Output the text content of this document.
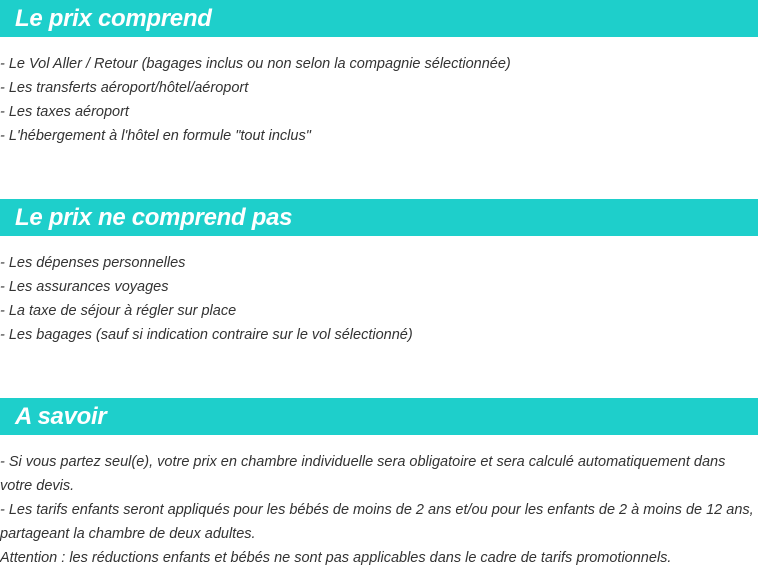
Le prix comprend

- Le Vol Aller / Retour (bagages inclus ou non selon la compagnie sélectionnée)

- Les transferts aéroport/hôtel/aéroport

- Les taxes aéroport

- L'hébergement à l'hôtel en formule "tout inclus"

Le prix ne comprend pas

- Les dépenses personnelles

- Les assurances voyages

- La taxe de séjour à régler sur place

- Les bagages (sauf si indication contraire sur le vol sélectionné)

A savoir

- Si vous partez seul(e), votre prix en chambre individuelle sera obligatoire et sera calculé automatiquement dans votre devis.

- Les tarifs enfants seront appliqués pour les bébés de moins de 2 ans et/ou pour les enfants de 2 à moins de 12 ans, partageant la chambre de deux adultes.

Attention : les réductions enfants et bébés ne sont pas applicables dans le cadre de tarifs promotionnels.
